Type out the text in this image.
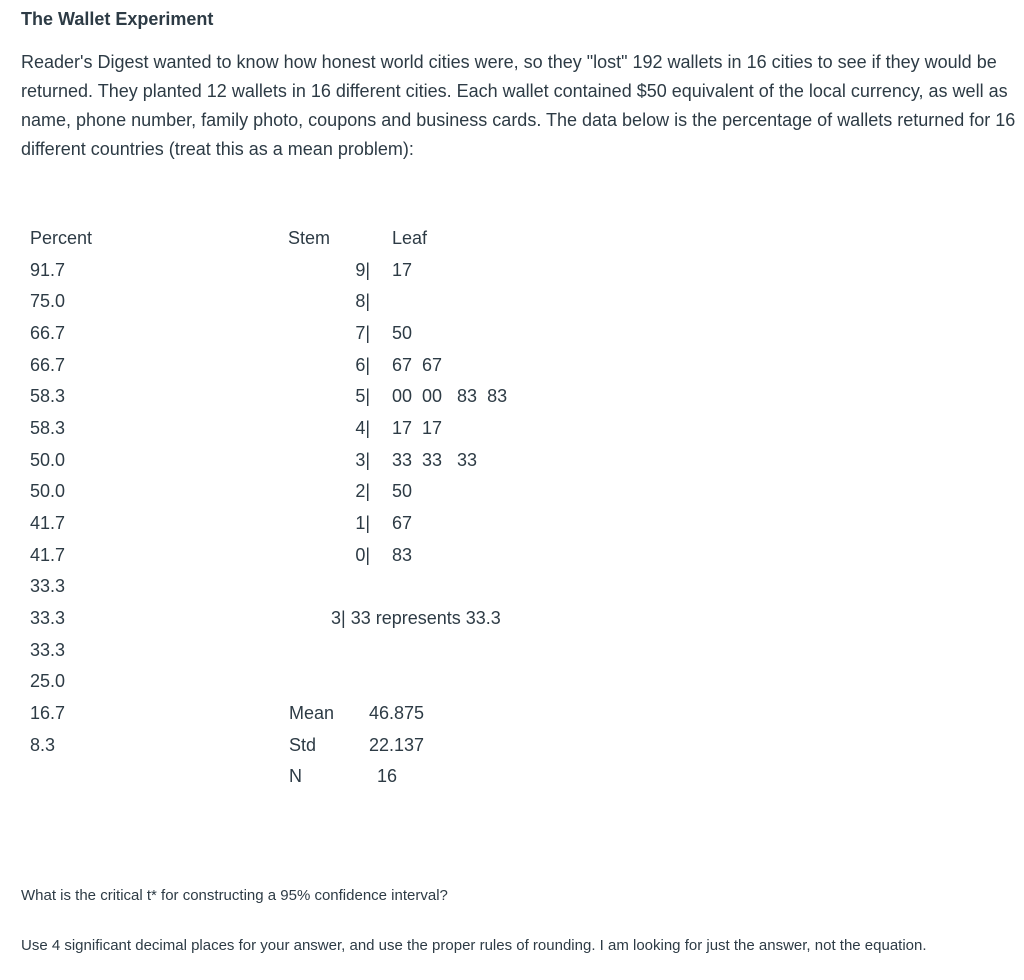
The Wallet Experiment

Reader's Digest wanted to know how honest world cities were, so they "lost" 192 wallets in 16 cities to see if they would be returned. They planted 12 wallets in 16 different cities. Each wallet contained $50 equivalent of the local currency, as well as name, phone number, family photo, coupons and business cards. The data below is the percentage of wallets returned for 16 different countries (treat this as a mean problem):

Percent	Stem	Leaf
91.7
75.0
66.7
66.7
58.3
58.3
50.0
50.0
41.7
41.7
33.3
33.3
33.3
25.0
16.7
8.3
9| 17
8|
7| 50
6| 67  67
5| 00  00   83  83
4| 17  17
3| 33  33   33
2| 50
1| 67
0| 83
3| 33 represents 33.3
Mean	46.875
Std	22.137
N	16
What is the critical t* for constructing a 95% confidence interval?
Use 4 significant decimal places for your answer, and use the proper rules of rounding. I am looking for just the answer, not the equation.
